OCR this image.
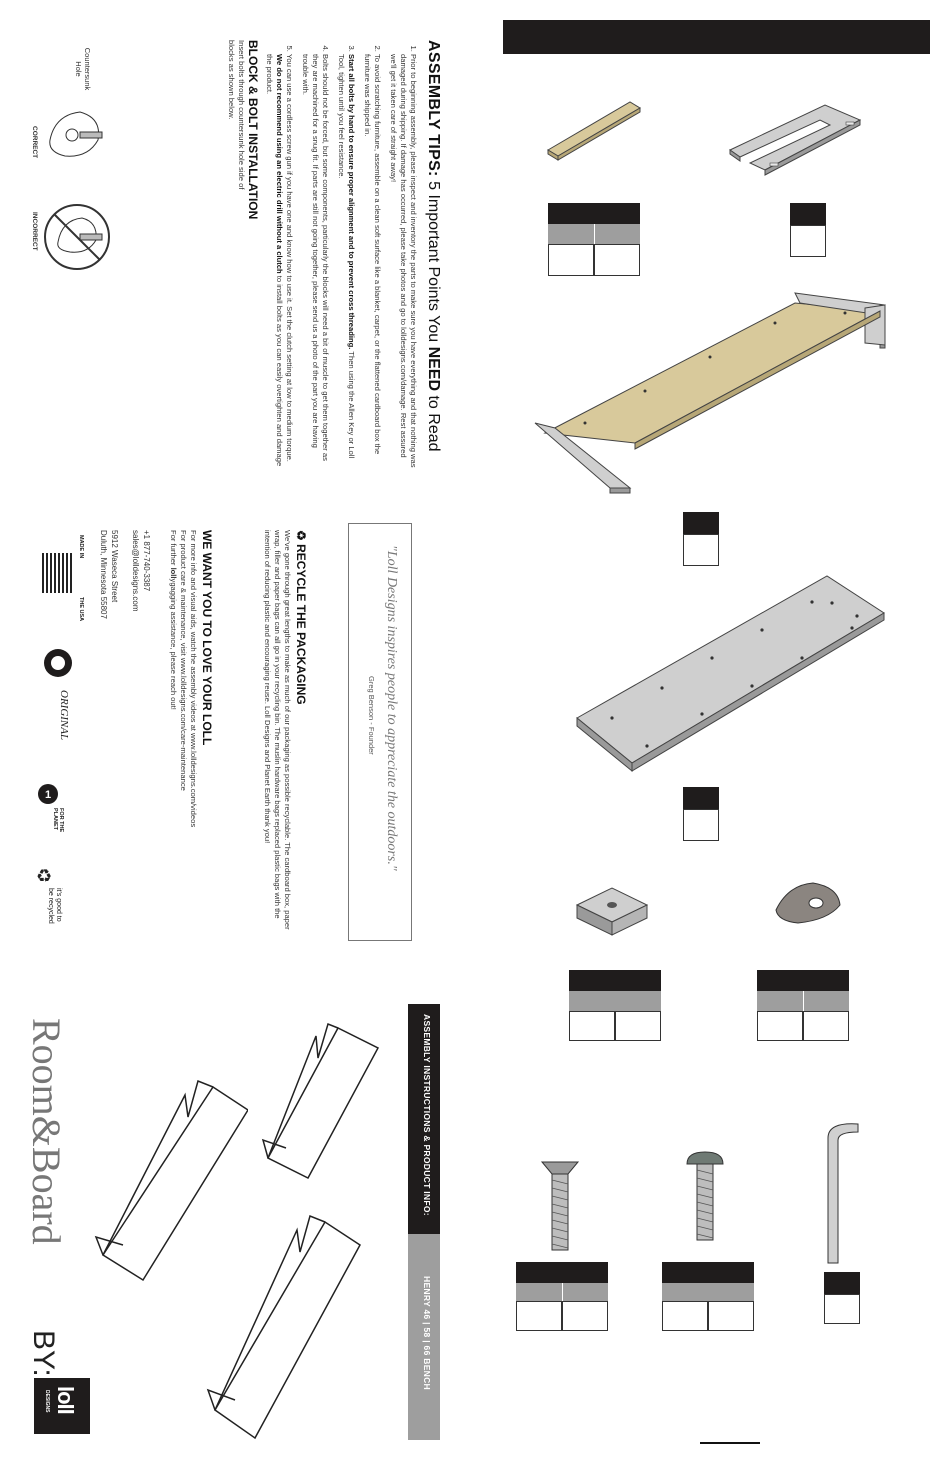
ASSEMBLY INSTRUCTIONS & PRODUCT INFO:
HENRY 46 | 58 | 66 BENCH
Room&Board
BY:
loll
DESIGNS
ASSEMBLY TIPS: 5 Important Points You NEED to Read
1. Prior to beginning assembly, please inspect and inventory the parts to make sure you have everything and that nothing was damaged during shipping. If damage has occurred, please take photos and go to lolldesigns.com/damage. Rest assured we'll get it taken care of straight away!
2. To avoid scratching furniture, assemble on a clean soft surface like a blanket, carpet, or the flattened cardboard box the furniture was shipped in.
3. Start all bolts by hand to ensure proper alignment and to prevent cross threading. Then using the Allen Key or Loll Tool, tighten until you feel resistance.
4. Bolts should not be forced, but some components, particularly the blocks will need a bit of muscle to get them together as they are machined for a snug fit. If parts are still not going together, please send us a photo of the part you are having trouble with.
5. You can use a cordless screw gun if you have one and know how to use it. Set the clutch setting at low to medium torque. We do not recommend using an electric drill without a clutch to install bolts as you can easily overtighten and damage the product.
BLOCK & BOLT INSTALLATION
Insert bolts through countersunk hole side of blocks as shown below.
Countersunk Hole
CORRECT
INCORRECT
"Loll Designs inspires people to appreciate the outdoors."
Greg Benson - Founder
♻ RECYCLE THE PACKAGING
We've gone through great lengths to make as much of our packaging as possible recyclable. The cardboard box, paper wrap, filler and paper bags can all go in your recycling bin. The muslin hardware bags replaced plastic bags with the intention of reducing plastic and encouraging reuse. Loll Designs and Planet Earth thank you!
WE WANT YOU TO LOVE YOUR LOLL
For more info and visual aids, watch the assembly videos at www.lolldesigns.com/videos
For product care & maintenance, visit www.lolldesigns.com/care-maintenance
For further lollygagging assistance, please reach out!
+1 877-740-3387
sales@lolldesigns.com
5912 Waseca Street
Duluth, Minnesota 55807
MADE IN
THE USA
ORIGINAL
1
FOR THE PLANET
♻
it's good to
be recycled
